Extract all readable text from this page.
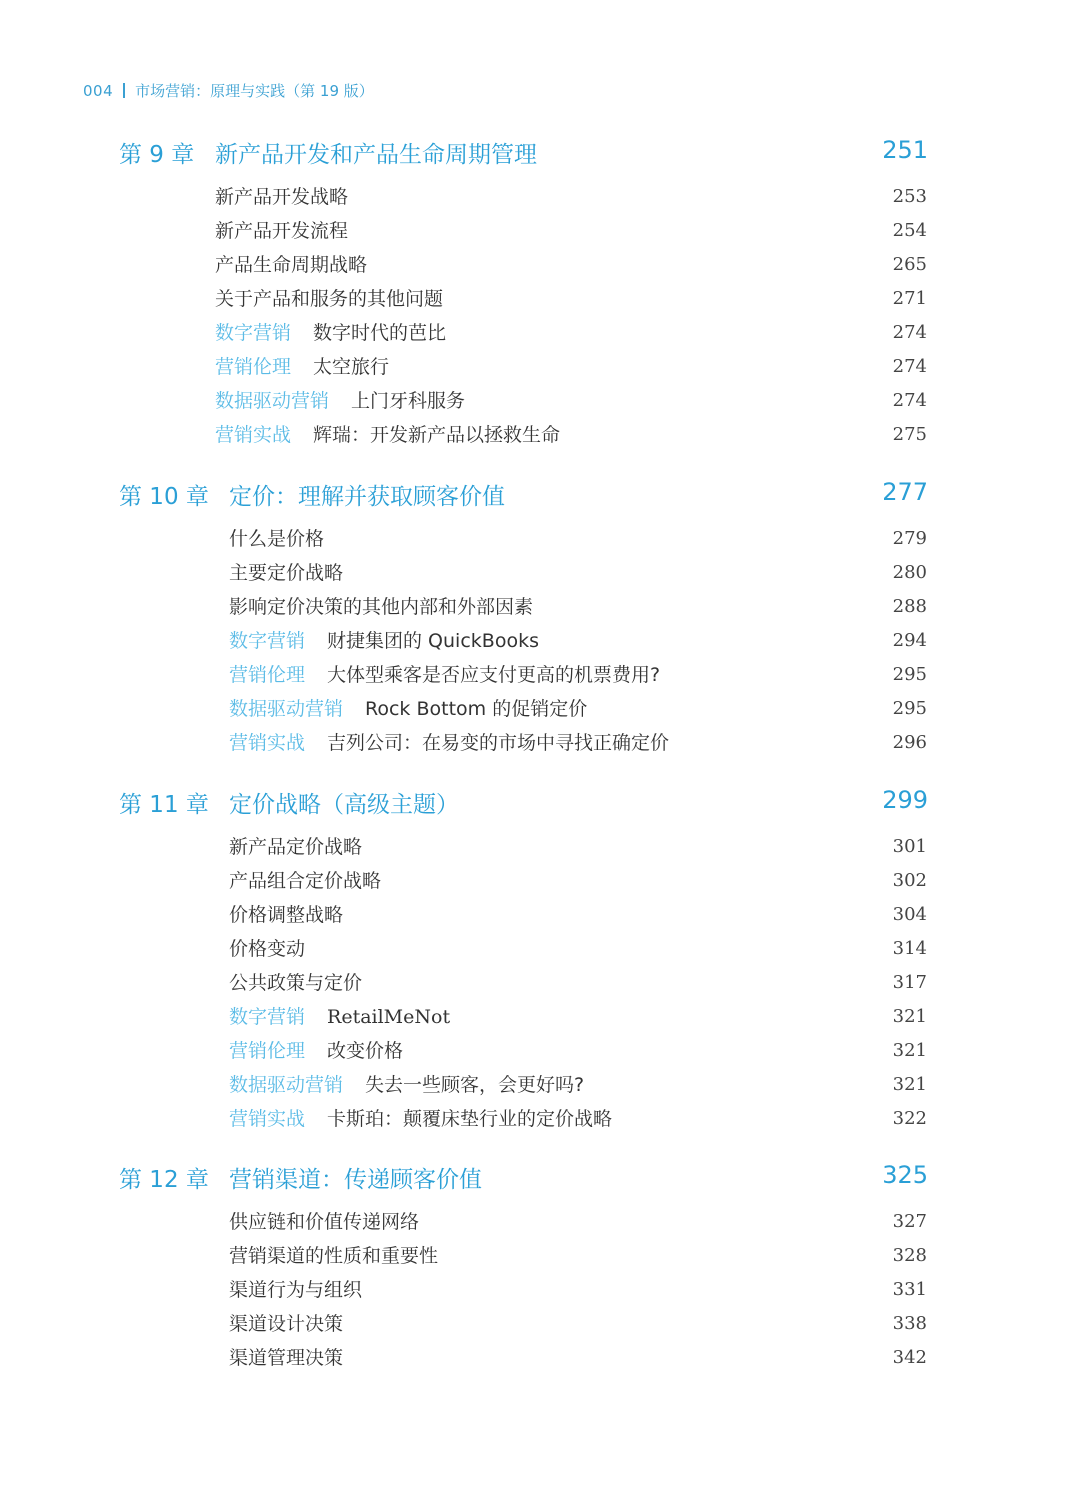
004 市场营销：原理与实践（第 19 版）
第 9 章 新产品开发和产品生命周期管理	251
新产品开发战略	253
新产品开发流程	254
产品生命周期战略	265
关于产品和服务的其他问题	271
数字营销 数字时代的芭比	274
营销伦理 太空旅行	274
数据驱动营销 上门牙科服务	274
营销实战 辉瑞：开发新产品以拯救生命	275
第 10 章 定价：理解并获取顾客价值	277
什么是价格	279
主要定价战略	280
影响定价决策的其他内部和外部因素	288
数字营销 财捷集团的 QuickBooks	294
营销伦理 大体型乘客是否应支付更高的机票费用?	295
数据驱动营销 Rock Bottom 的促销定价	295
营销实战 吉列公司：在易变的市场中寻找正确定价	296
第 11 章 定价战略（高级主题）	299
新产品定价战略	301
产品组合定价战略	302
价格调整战略	304
价格变动	314
公共政策与定价	317
数字营销 RetailMeNot	321
营销伦理 改变价格	321
数据驱动营销 失去一些顾客，会更好吗?	321
营销实战 卡斯珀：颠覆床垫行业的定价战略	322
第 12 章 营销渠道：传递顾客价值	325
供应链和价值传递网络	327
营销渠道的性质和重要性	328
渠道行为与组织	331
渠道设计决策	338
渠道管理决策	342
